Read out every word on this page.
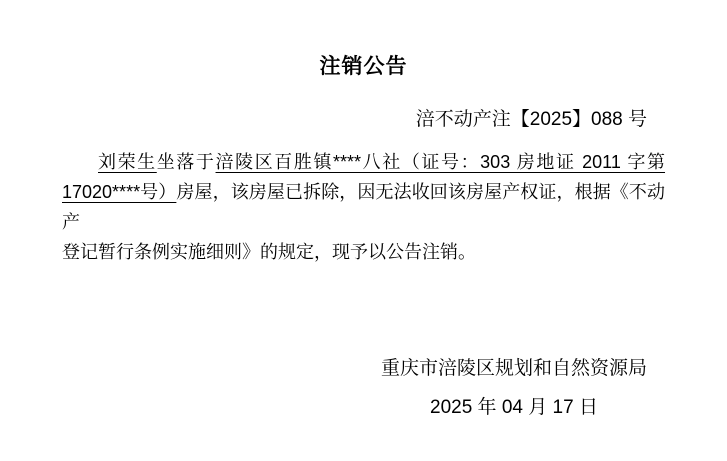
注销公告
涪不动产注【2025】088 号
刘荣生坐落于涪陵区百胜镇****八社（证号：303 房地证 2011 字第
17020****号）房屋，该房屋已拆除，因无法收回该房屋产权证，根据《不动产
登记暂行条例实施细则》的规定，现予以公告注销。
重庆市涪陵区规划和自然资源局
2025 年 04 月 17 日
